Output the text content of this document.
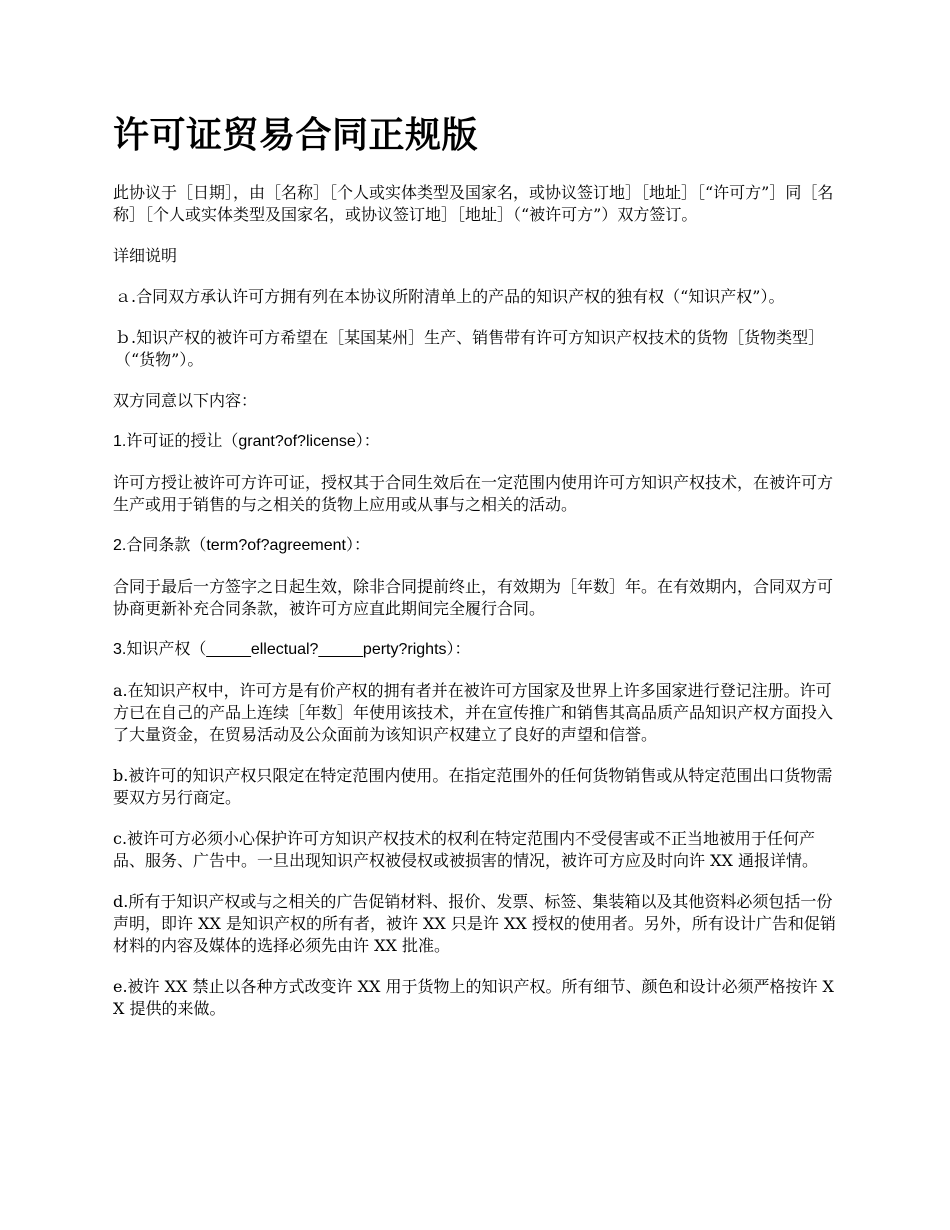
许可证贸易合同正规版

此协议于［日期］，由［名称］［个人或实体类型及国家名，或协议签订地］［地址］［“许可方”］同［名称］［个人或实体类型及国家名，或协议签订地］［地址］（“被许可方”）双方签订。

详细说明

ａ.合同双方承认许可方拥有列在本协议所附清单上的产品的知识产权的独有权（“知识产权”）。

ｂ.知识产权的被许可方希望在［某国某州］生产、销售带有许可方知识产权技术的货物［货物类型］（“货物”）。

双方同意以下内容：

1.许可证的授让（grant?of?license）：

许可方授让被许可方许可证，授权其于合同生效后在一定范围内使用许可方知识产权技术，在被许可方生产或用于销售的与之相关的货物上应用或从事与之相关的活动。

2.合同条款（term?of?agreement）：

合同于最后一方签字之日起生效，除非合同提前终止，有效期为［年数］年。在有效期内，合同双方可协商更新补充合同条款，被许可方应直此期间完全履行合同。

3.知识产权（_____ellectual?_____perty?rights）：

a.在知识产权中，许可方是有价产权的拥有者并在被许可方国家及世界上许多国家进行登记注册。许可方已在自己的产品上连续［年数］年使用该技术，并在宣传推广和销售其高品质产品知识产权方面投入了大量资金，在贸易活动及公众面前为该知识产权建立了良好的声望和信誉。

b.被许可的知识产权只限定在特定范围内使用。在指定范围外的任何货物销售或从特定范围出口货物需要双方另行商定。

c.被许可方必须小心保护许可方知识产权技术的权利在特定范围内不受侵害或不正当地被用于任何产品、服务、广告中。一旦出现知识产权被侵权或被损害的情况，被许可方应及时向许 XX 通报详情。

d.所有于知识产权或与之相关的广告促销材料、报价、发票、标签、集装箱以及其他资料必须包括一份声明，即许 XX 是知识产权的所有者，被许 XX 只是许 XX 授权的使用者。另外，所有设计广告和促销材料的内容及媒体的选择必须先由许 XX 批准。

e.被许 XX 禁止以各种方式改变许 XX 用于货物上的知识产权。所有细节、颜色和设计必须严格按许 XX 提供的来做。
